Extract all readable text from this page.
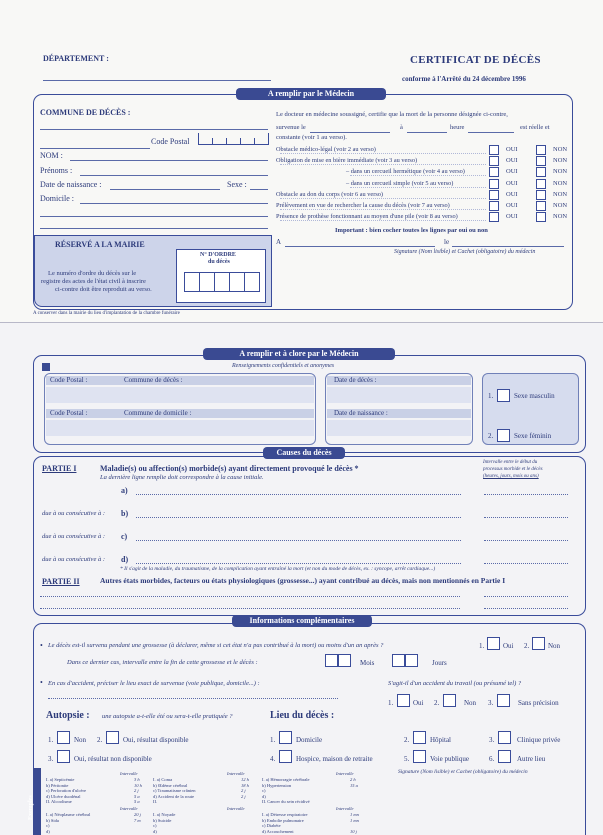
DÉPARTEMENT :	CERTIFICAT DE DÉCÈS
conforme à l'Arrêté du 24 décembre 1996
A remplir par le Médecin
COMMUNE DE DÉCÈS :
Code Postal
NOM :
Prénoms :
Date de naissance :	Sexe :
Domicile :
RÉSERVÉ A LA MAIRIE
Le numéro d'ordre du décès sur le
registre des actes de l'état civil à inscrire
ci-contre doit être reproduit au verso.
N° D'ORDRE
du décès
A conserver dans la mairie du lieu d'implantation de la chambre funéraire
Le docteur en médecine soussigné, certifie que la mort de la personne désignée ci-contre,
survenue le	à	heure	est réelle et
constante (voir 1 au verso).
Obstacle médico-légal (voir 2 au verso)	OUI	NON
Obligation de mise en bière immédiate (voir 3 au verso)	OUI	NON
– dans un cercueil hermétique (voir 4 au verso)	OUI	NON
– dans un cercueil simple (voir 5 au verso)	OUI	NON
Obstacle au don du corps (voir 6 au verso)	OUI	NON
Prélèvement en vue de rechercher la cause du décès (voir 7 au verso)	OUI	NON
Présence de prothèse fonctionnant au moyen d'une pile (voir 8 au verso)	OUI	NON
Important : bien cocher toutes les lignes par oui ou non
A	le
Signature (Nom lisible) et Cachet (obligatoire) du médecin
A remplir et à clore par le Médecin
Renseignements confidentiels et anonymes
Code Postal :	Commune de décès :
Code Postal :	Commune de domicile :
Date de décès :
Date de naissance :
1.	Sexe masculin
2.	Sexe féminin
Causes du décès
PARTIE I	Maladie(s) ou affection(s) morbide(s) ayant directement provoqué le décès *
La dernière ligne remplie doit correspondre à la cause initiale.
Intervalle entre le début du
processus morbide et le décès
(heures, jours, mois ou ans)
a)
due à ou consécutive à : b)
due à ou consécutive à : c)
due à ou consécutive à : d)
* Il s'agit de la maladie, du traumatisme, de la complication ayant entraîné la mort (et non du mode de décès, ex. : syncope, arrêt cardiaque...)
PARTIE II	Autres états morbides, facteurs ou états physiologiques (grossesse...) ayant contribué au décès, mais non mentionnés en Partie I
Informations complémentaires
• Le décès est-il survenu pendant une grossesse (à déclarer, même si cet état n'a pas contribué à la mort) ou moins d'un an après ?	1.	Oui 2.	Non
Dans ce dernier cas, intervalle entre la fin de cette grossesse et le décès :	Mois	Jours
• En cas d'accident, préciser le lieu exact de survenue (voie publique, domicile...) :	S'agit-il d'un accident du travail (ou présumé tel) ?
1.	Oui 2.	Non 3.	Sans précision
Autopsie : une autopsie a-t-elle été ou sera-t-elle pratiquée ?
1.	Non 2.	Oui, résultat disponible
3.	Oui, résultat non disponible
Lieu du décès :
1.	Domicile	2.	Hôpital	3.	Clinique privée
4.	Hospice, maison de retraite	5.	Voie publique	6.	Autre lieu
Signature (Nom lisible) et Cachet (obligatoire) du médecin
Exemples
Intervalle
I. a) Septicémie	3 h
b) Péritonite	10 h
c) Perforation d'ulcère	2 j
d) Ulcère duodénal	5 a
II. Alcoolisme	5 a
Intervalle
I. a) Coma	12 h
b) Œdème cérébral	18 h
c) Traumatisme crânien	2 j
d) Accident de la route	2 j
II.
Intervalle
I. a) Hémorragie cérébrale	2 h
b) Hypertension	15 a
c)
d)
II. Cancer du sein récidivé
Intervalle
I. a) Néoplasme cérébral	20 j
b) Sida	7 m
c)
d)
Intervalle
I. a) Noyade
b) Suicide
c)
d)
Intervalle
I. a) Détresse respiratoire	1 mn
b) Embolie pulmonaire	1 mn
c) Diabète
d) Accouchement	10 j
